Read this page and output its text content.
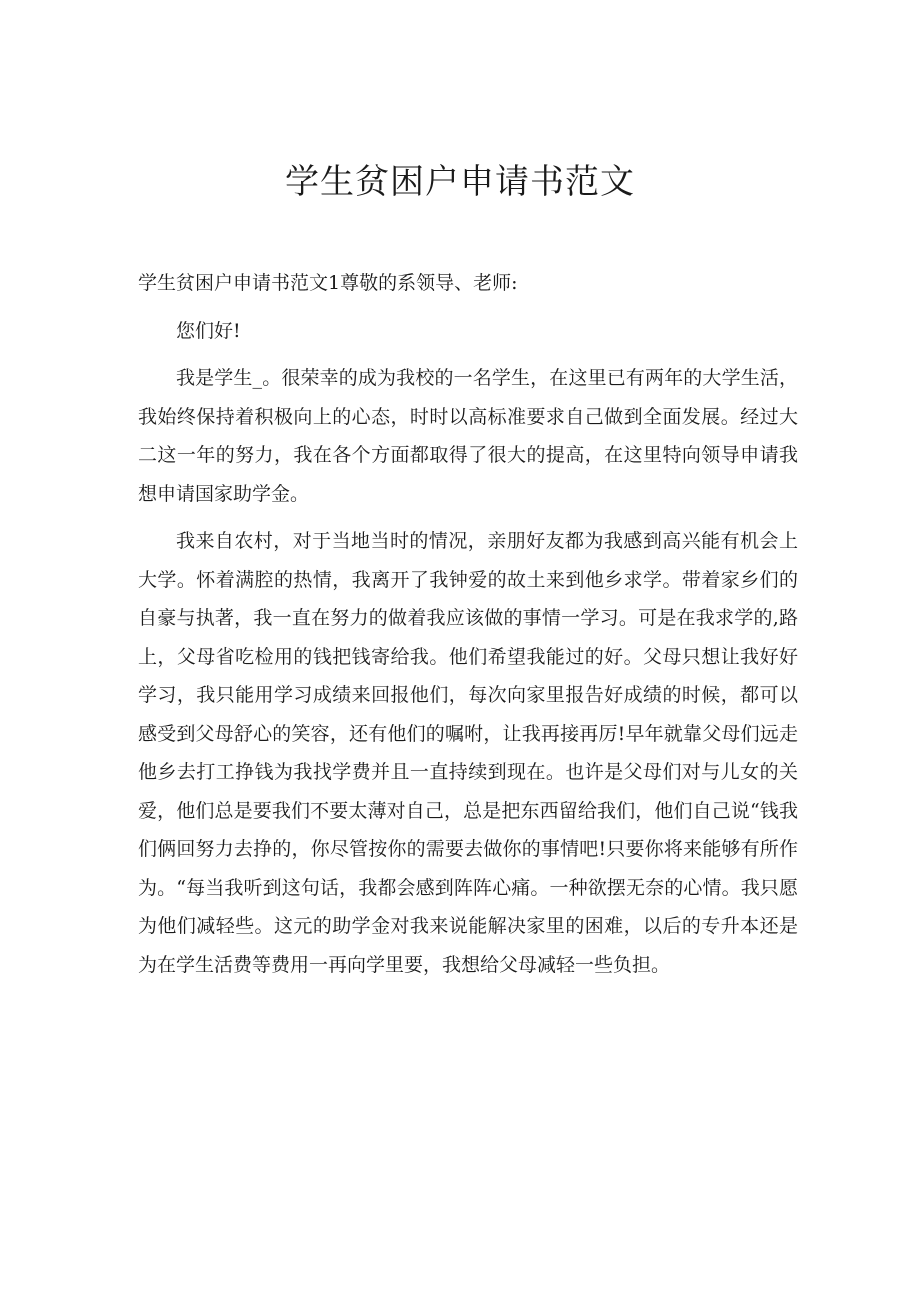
学生贫困户申请书范文

学生贫困户申请书范文1尊敬的系领导、老师:

您们好!

我是学生_。很荣幸的成为我校的一名学生，在这里已有两年的大学生活，我始终保持着积极向上的心态，时时以高标准要求自己做到全面发展。经过大二这一年的努力，我在各个方面都取得了很大的提高，在这里特向领导申请我想申请国家助学金。

我来自农村，对于当地当时的情况，亲朋好友都为我感到高兴能有机会上大学。怀着满腔的热情，我离开了我钟爱的故土来到他乡求学。带着家乡们的自豪与执著，我一直在努力的做着我应该做的事情一学习。可是在我求学的,路上，父母省吃检用的钱把钱寄给我。他们希望我能过的好。父母只想让我好好学习，我只能用学习成绩来回报他们，每次向家里报告好成绩的时候，都可以感受到父母舒心的笑容，还有他们的嘱咐，让我再接再厉!早年就靠父母们远走他乡去打工挣钱为我找学费并且一直持续到现在。也许是父母们对与儿女的关爱，他们总是要我们不要太薄对自己，总是把东西留给我们，他们自己说“钱我们俩回努力去挣的，你尽管按你的需要去做你的事情吧!只要你将来能够有所作为。“每当我听到这句话，我都会感到阵阵心痛。一种欲摆无奈的心情。我只愿为他们减轻些。这元的助学金对我来说能解决家里的困难，以后的专升本还是为在学生活费等费用一再向学里要，我想给父母减轻一些负担。
